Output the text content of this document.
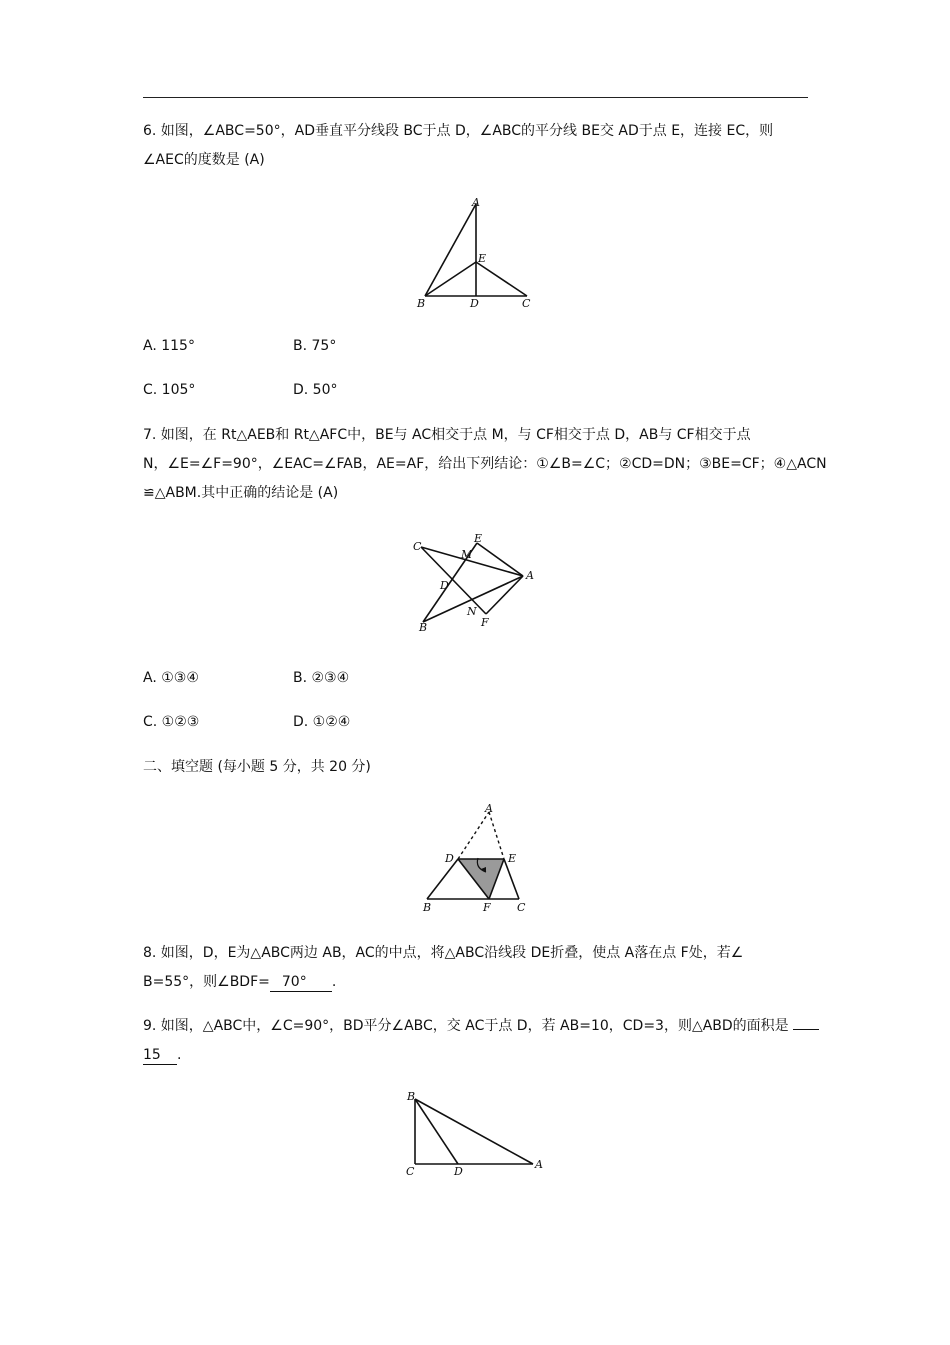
6. 如图，∠ABC=50°，AD垂直平分线段 BC于点 D，∠ABC的平分线 BE交 AD于点 E，连接 EC，则
∠AEC的度数是 (A)
A
E
B	D	C
A. 115°	B. 75°
C. 105°	D. 50°
7. 如图，在 Rt△AEB和 Rt△AFC中，BE与 AC相交于点 M，与 CF相交于点 D，AB与 CF相交于点
N，∠E=∠F=90°，∠EAC=∠FAB，AE=AF，给出下列结论：①∠B=∠C；②CD=DN；③BE=CF；④△ACN
≌△ABM.其中正确的结论是 (A)
C
E
M
A
D
N
F
B
A. ①③④	B. ②③④
C. ①②③	D. ①②④
二、填空题 (每小题 5 分，共 20 分)
A
D	E
B	F C
8. 如图，D，E为△ABC两边 AB，AC的中点，将△ABC沿线段 DE折叠，使点 A落在点 F处，若∠
B=55°，则∠BDF= 70° .
9. 如图，△ABC中，∠C=90°，BD平分∠ABC，交 AC于点 D，若 AB=10，CD=3，则△ABD的面积是
15 .
B
C	D
A
